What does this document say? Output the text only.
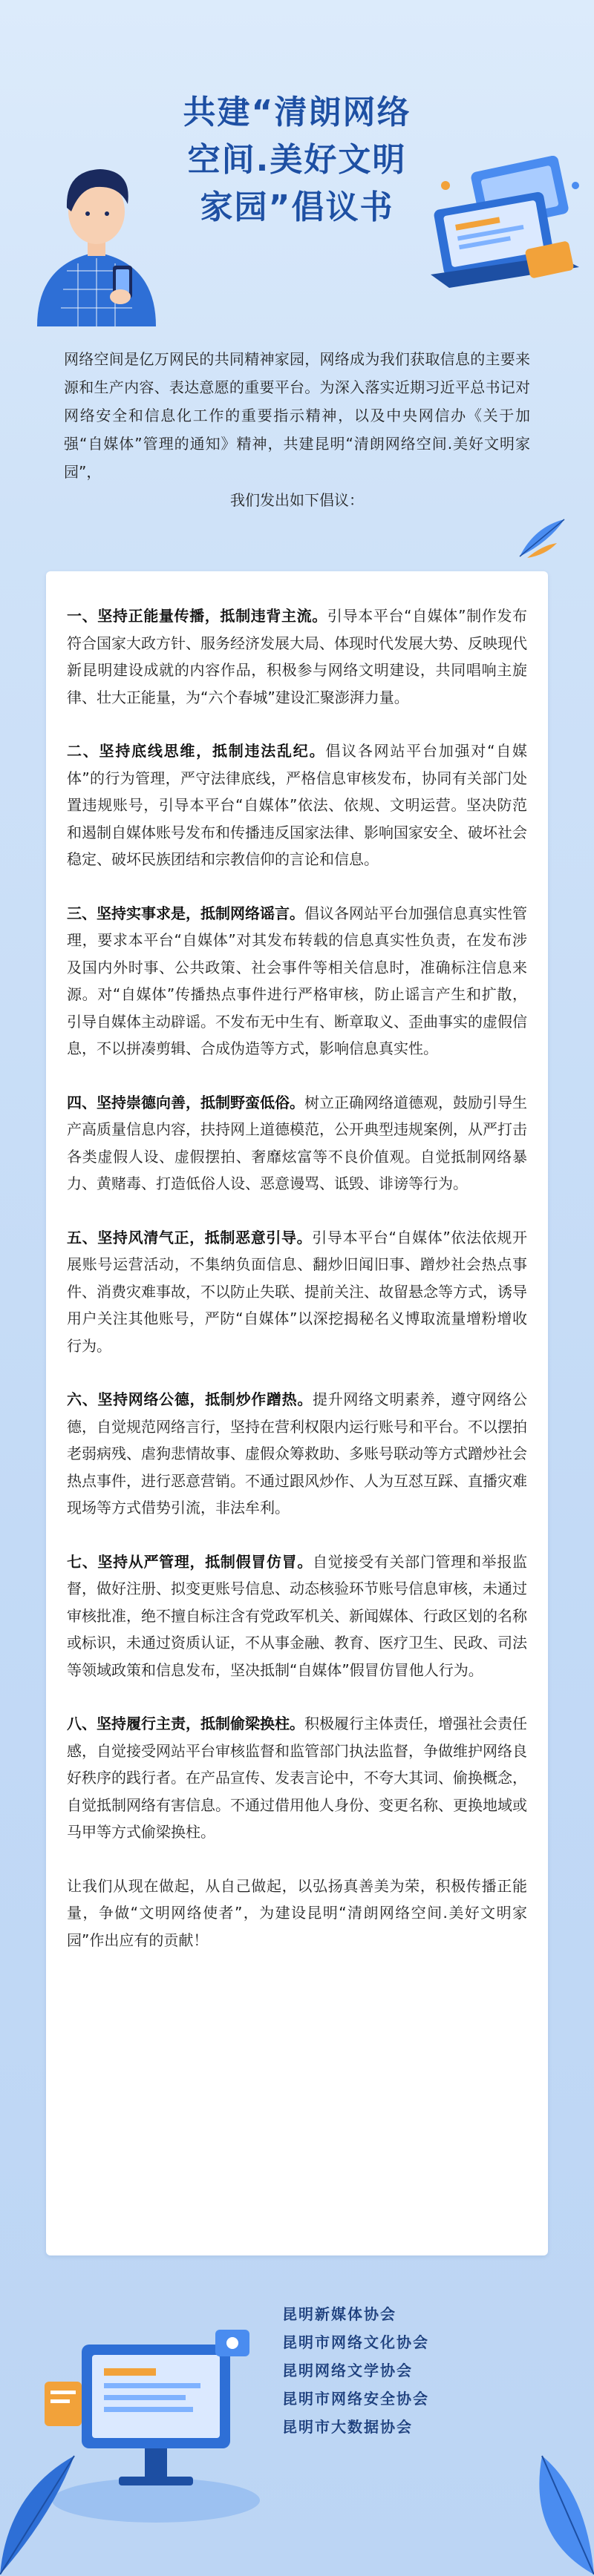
共建“清朗网络
空间.美好文明
家园”倡议书
网络空间是亿万网民的共同精神家园，网络成为我们获取信息的主要来源和生产内容、表达意愿的重要平台。为深入落实近期习近平总书记对网络安全和信息化工作的重要指示精神，以及中央网信办《关于加强“自媒体”管理的通知》精神，共建昆明“清朗网络空间.美好文明家园”，
我们发出如下倡议：
一、坚持正能量传播，抵制违背主流。引导本平台“自媒体”制作发布符合国家大政方针、服务经济发展大局、体现时代发展大势、反映现代新昆明建设成就的内容作品，积极参与网络文明建设，共同唱响主旋律、壮大正能量，为“六个春城”建设汇聚澎湃力量。
二、坚持底线思维，抵制违法乱纪。倡议各网站平台加强对“自媒体”的行为管理，严守法律底线，严格信息审核发布，协同有关部门处置违规账号，引导本平台“自媒体”依法、依规、文明运营。坚决防范和遏制自媒体账号发布和传播违反国家法律、影响国家安全、破坏社会稳定、破坏民族团结和宗教信仰的言论和信息。
三、坚持实事求是，抵制网络谣言。倡议各网站平台加强信息真实性管理，要求本平台“自媒体”对其发布转载的信息真实性负责，在发布涉及国内外时事、公共政策、社会事件等相关信息时，准确标注信息来源。对“自媒体”传播热点事件进行严格审核，防止谣言产生和扩散，引导自媒体主动辟谣。不发布无中生有、断章取义、歪曲事实的虚假信息，不以拼凑剪辑、合成伪造等方式，影响信息真实性。
四、坚持崇德向善，抵制野蛮低俗。树立正确网络道德观，鼓励引导生产高质量信息内容，扶持网上道德模范，公开典型违规案例，从严打击各类虚假人设、虚假摆拍、奢靡炫富等不良价值观。自觉抵制网络暴力、黄赌毒、打造低俗人设、恶意谩骂、诋毁、诽谤等行为。
五、坚持风清气正，抵制恶意引导。引导本平台“自媒体”依法依规开展账号运营活动，不集纳负面信息、翻炒旧闻旧事、蹭炒社会热点事件、消费灾难事故，不以防止失联、提前关注、故留悬念等方式，诱导用户关注其他账号，严防“自媒体”以深挖揭秘名义博取流量增粉增收行为。
六、坚持网络公德，抵制炒作蹭热。提升网络文明素养，遵守网络公德，自觉规范网络言行，坚持在营利权限内运行账号和平台。不以摆拍老弱病残、虐狗悲情故事、虚假众筹救助、多账号联动等方式蹭炒社会热点事件，进行恶意营销。不通过跟风炒作、人为互怼互踩、直播灾难现场等方式借势引流，非法牟利。
七、坚持从严管理，抵制假冒仿冒。自觉接受有关部门管理和举报监督，做好注册、拟变更账号信息、动态核验环节账号信息审核，未通过审核批准，绝不擅自标注含有党政军机关、新闻媒体、行政区划的名称或标识，未通过资质认证，不从事金融、教育、医疗卫生、民政、司法等领域政策和信息发布，坚决抵制“自媒体”假冒仿冒他人行为。
八、坚持履行主责，抵制偷梁换柱。积极履行主体责任，增强社会责任感，自觉接受网站平台审核监督和监管部门执法监督，争做维护网络良好秩序的践行者。在产品宣传、发表言论中，不夸大其词、偷换概念，自觉抵制网络有害信息。不通过借用他人身份、变更名称、更换地域或马甲等方式偷梁换柱。
让我们从现在做起，从自己做起，以弘扬真善美为荣，积极传播正能量，争做“文明网络使者”，为建设昆明“清朗网络空间.美好文明家园”作出应有的贡献！
昆明新媒体协会
昆明市网络文化协会
昆明网络文学协会
昆明市网络安全协会
昆明市大数据协会
